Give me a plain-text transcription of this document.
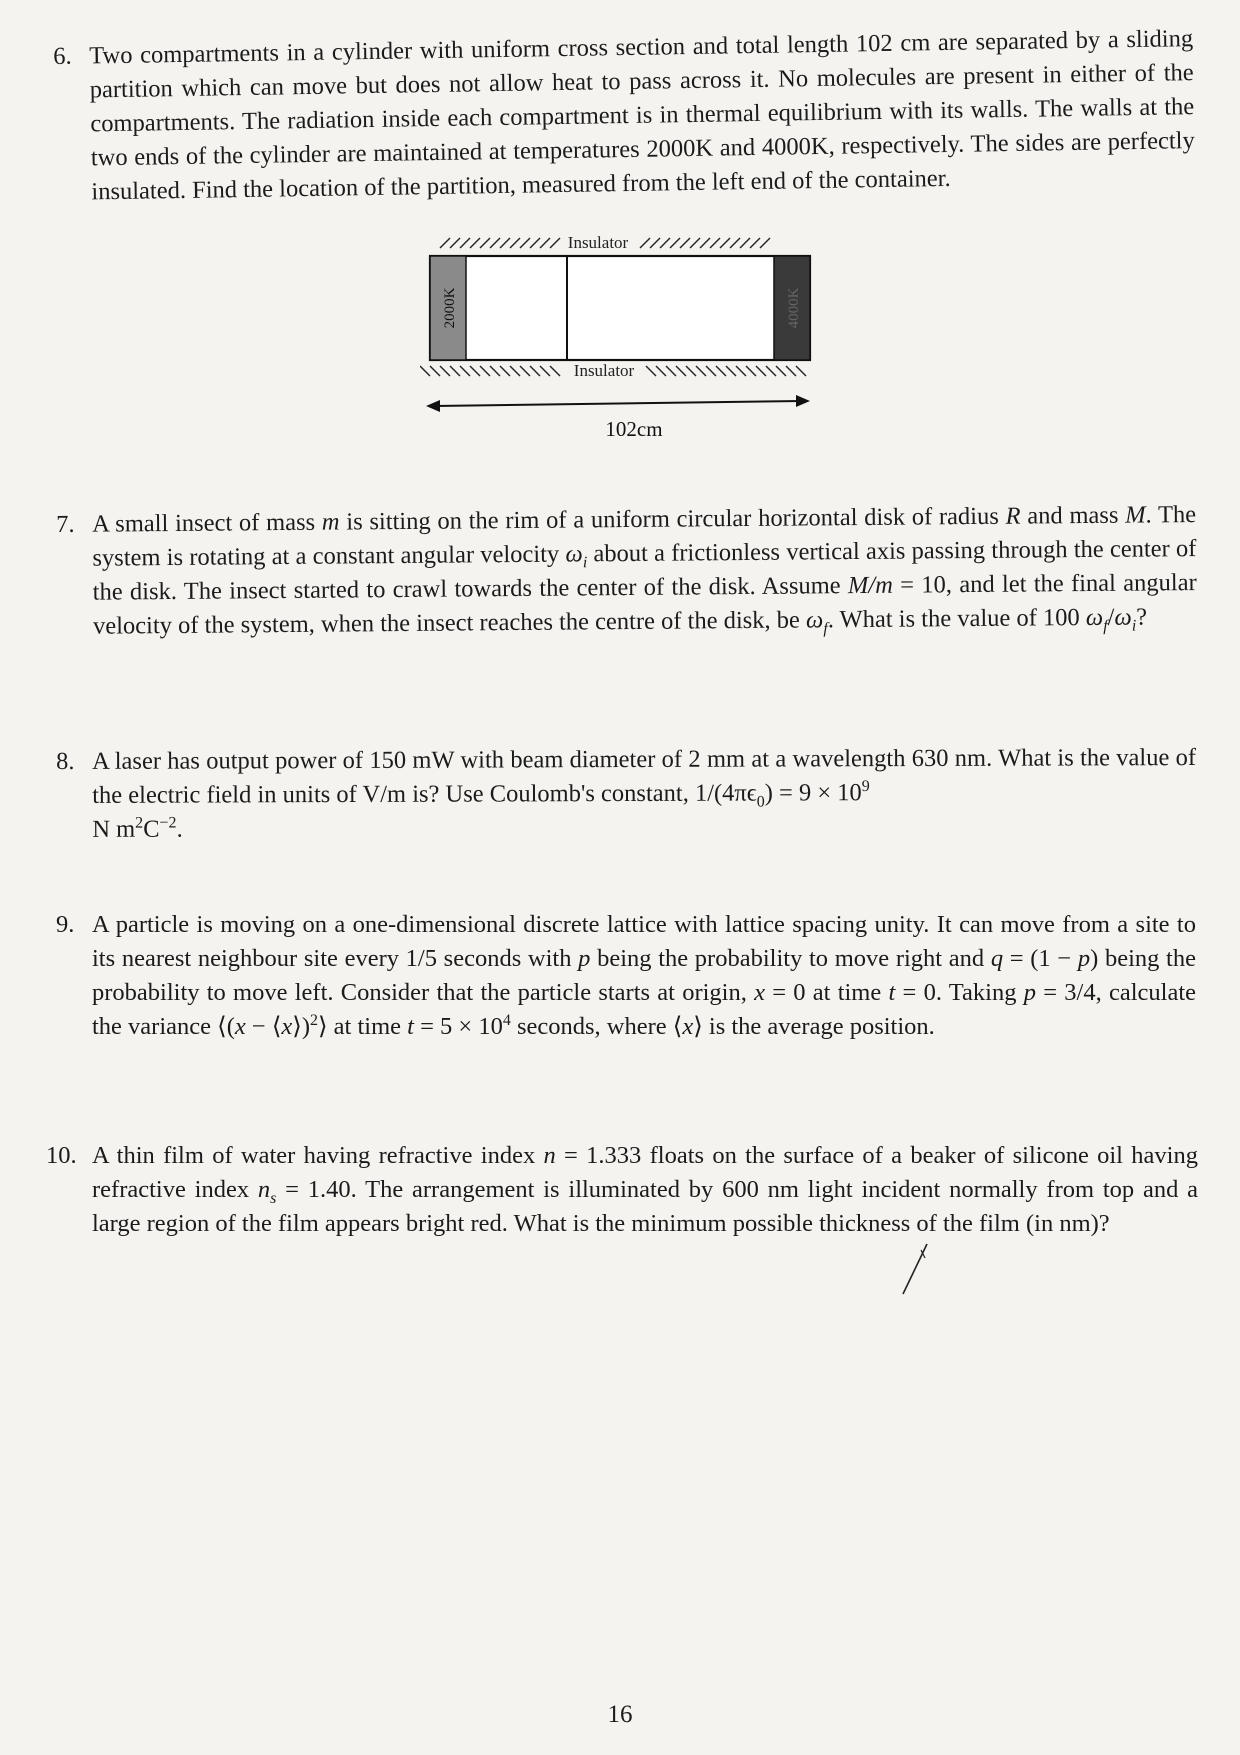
6. Two compartments in a cylinder with uniform cross section and total length 102 cm are separated by a sliding partition which can move but does not allow heat to pass across it. No molecules are present in either of the compartments. The radiation inside each compartment is in thermal equilibrium with its walls. The walls at the two ends of the cylinder are maintained at temperatures 2000K and 4000K, respectively. The sides are perfectly insulated. Find the location of the partition, measured from the left end of the container.
Insulator
2000K	4000K
Insulator
102cm
7. A small insect of mass m is sitting on the rim of a uniform circular horizontal disk of radius R and mass M. The system is rotating at a constant angular velocity $\omega_i$ about a frictionless vertical axis passing through the center of the disk. The insect started to crawl towards the center of the disk. Assume M/m = 10, and let the final angular velocity of the system, when the insect reaches the centre of the disk, be $\omega_f$. What is the value of 100 $\omega_f/\omega_i$?
8. A laser has output power of 150 mW with beam diameter of 2 mm at a wavelength 630 nm. What is the value of the electric field in units of V/m is? Use Coulomb's constant, $1/(4\pi\epsilon_0) = 9 \times 10^9$
N $m^2C^{-2}$.
9. A particle is moving on a one-dimensional discrete lattice with lattice spacing unity. It can move from a site to its nearest neighbour site every 1/5 seconds with p being the probability to move right and q = (1 − p) being the probability to move left. Consider that the particle starts at origin, x = 0 at time t = 0. Taking p = 3/4, calculate the variance ⟨(x − ⟨x⟩)$^2$⟩ at time $t = 5 \times 10^4$ seconds, where ⟨x⟩ is the average position.
10. A thin film of water having refractive index n = 1.333 floats on the surface of a beaker of silicone oil having refractive index $n_s = 1.40$. The arrangement is illuminated by 600 nm light incident normally from top and a large region of the film appears bright red. What is the minimum possible thickness of the film (in nm)?
16
